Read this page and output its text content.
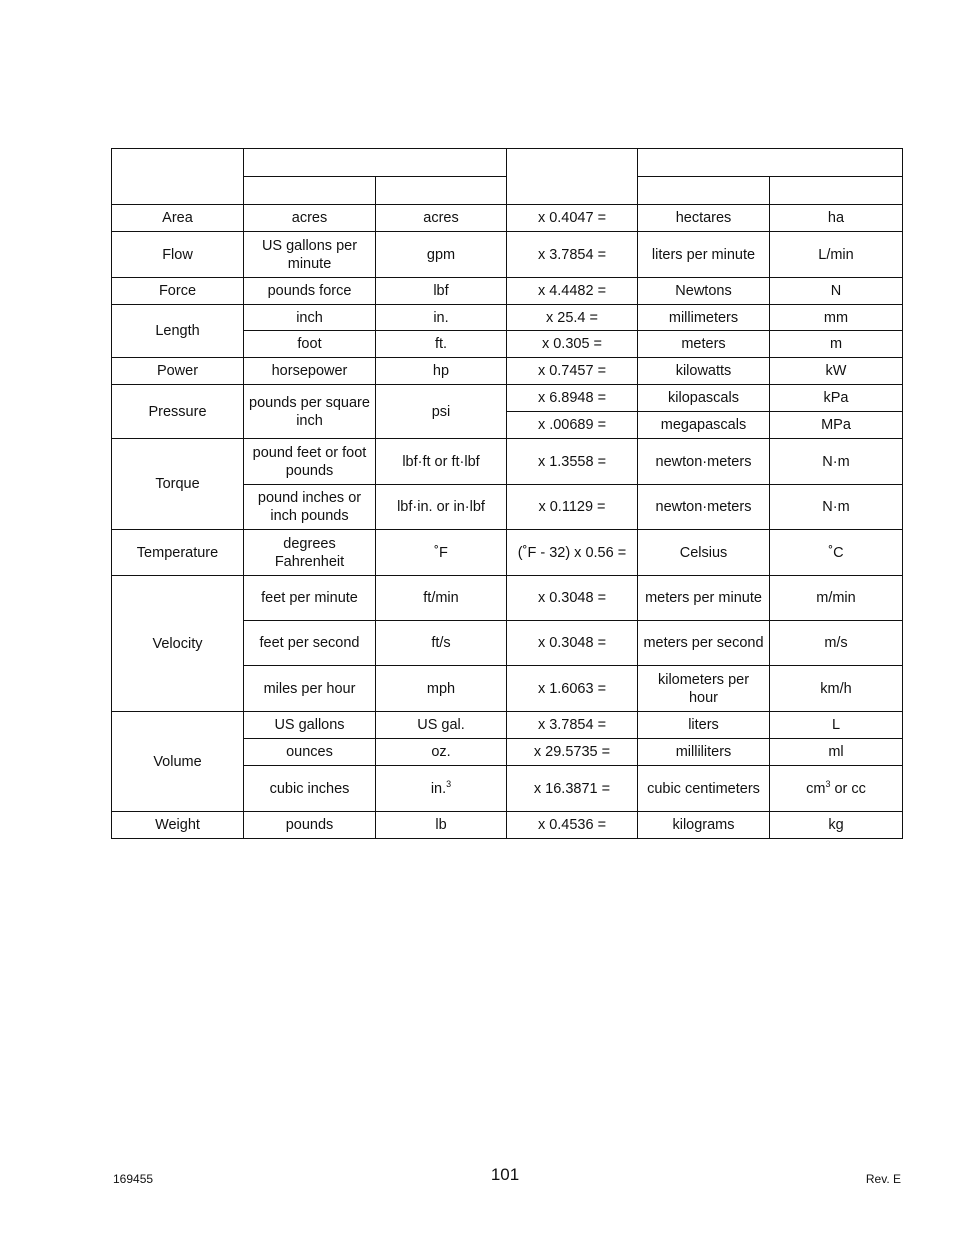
Area	acres	acres	x 0.4047 =	hectares	ha
Flow	US gallons per minute	gpm	x 3.7854 =	liters per minute	L/min
Force	pounds force	lbf	x 4.4482 =	Newtons	N
Length	inch	in.	x 25.4 =	millimeters	mm
	foot	ft.	x 0.305 =	meters	m
Power	horsepower	hp	x 0.7457 =	kilowatts	kW
Pressure	pounds per square inch	psi	x 6.8948 =	kilopascals	kPa
			x .00689 =	megapascals	MPa
Torque	pound feet or foot pounds	lbf·ft or ft·lbf	x 1.3558 =	newton·meters	N·m
	pound inches or inch pounds	lbf·in. or in·lbf	x 0.1129 =	newton·meters	N·m
Temperature	degrees Fahrenheit	˚F	(˚F - 32) x 0.56 =	Celsius	˚C
Velocity	feet per minute	ft/min	x 0.3048 =	meters per minute	m/min
	feet per second	ft/s	x 0.3048 =	meters per second	m/s
	miles per hour	mph	x 1.6063 =	kilometers per hour	km/h
Volume	US gallons	US gal.	x 3.7854 =	liters	L
	ounces	oz.	x 29.5735 =	milliliters	ml
	cubic inches	in.$^3$	x 16.3871 =	cubic centimeters	$cm^3$ or cc
Weight	pounds	lb	x 0.4536 =	kilograms	kg
169455	101	Rev. E
